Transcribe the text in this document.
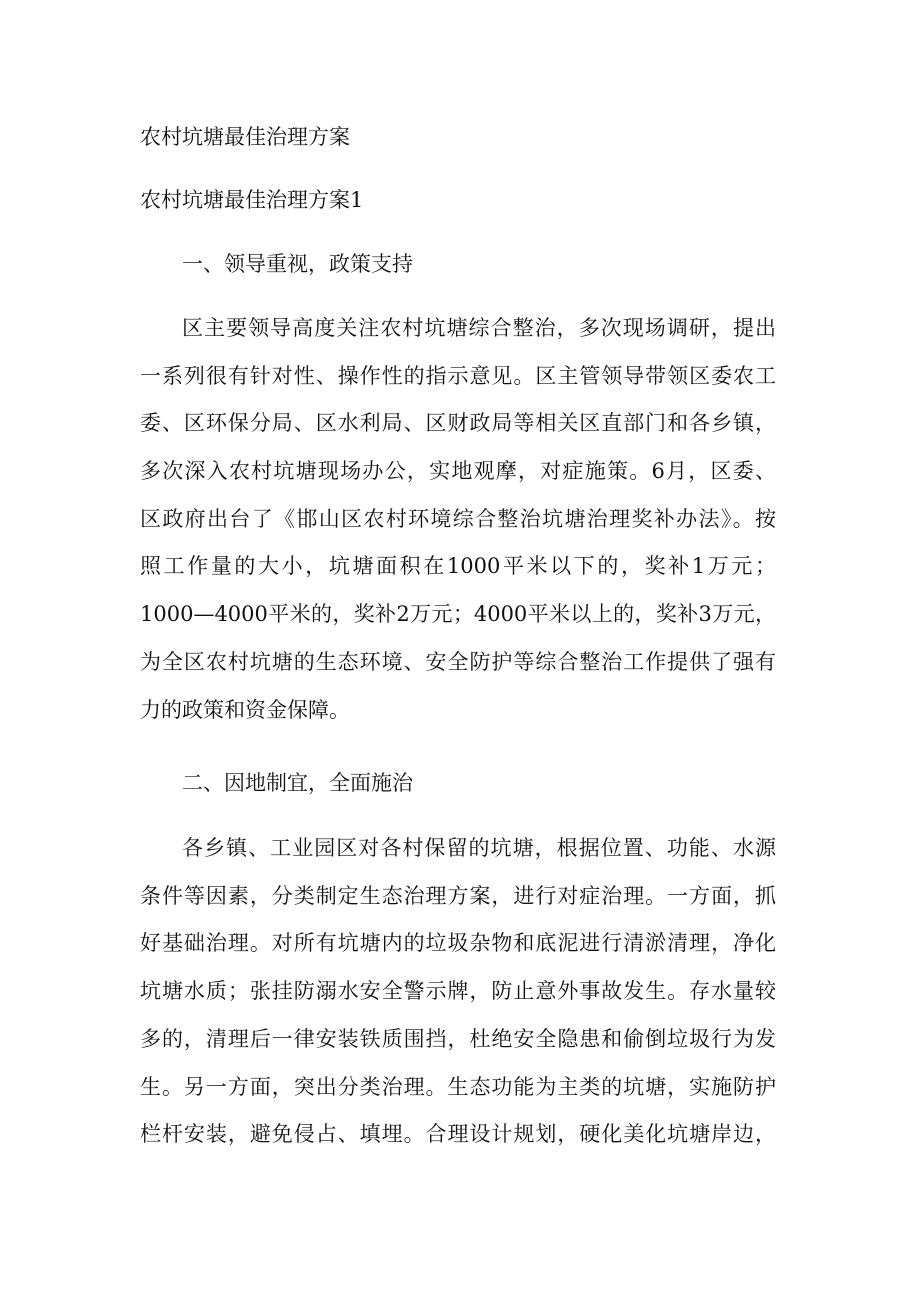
农村坑塘最佳治理方案
农村坑塘最佳治理方案1
一、领导重视，政策支持
区主要领导高度关注农村坑塘综合整治，多次现场调研，提出
一系列很有针对性、操作性的指示意见。区主管领导带领区委农工
委、区环保分局、区水利局、区财政局等相关区直部门和各乡镇，
多次深入农村坑塘现场办公，实地观摩，对症施策。6月，区委、
区政府出台了《邯山区农村环境综合整治坑塘治理奖补办法》。按
照工作量的大小，坑塘面积在1000平米以下的，奖补1万元；
1000—4000平米的，奖补2万元；4000平米以上的，奖补3万元，
为全区农村坑塘的生态环境、安全防护等综合整治工作提供了强有
力的政策和资金保障。
二、因地制宜，全面施治
各乡镇、工业园区对各村保留的坑塘，根据位置、功能、水源
条件等因素，分类制定生态治理方案，进行对症治理。一方面，抓
好基础治理。对所有坑塘内的垃圾杂物和底泥进行清淤清理，净化
坑塘水质；张挂防溺水安全警示牌，防止意外事故发生。存水量较
多的，清理后一律安装铁质围挡，杜绝安全隐患和偷倒垃圾行为发
生。另一方面，突出分类治理。生态功能为主类的坑塘，实施防护
栏杆安装，避免侵占、填埋。合理设计规划，硬化美化坑塘岸边，
